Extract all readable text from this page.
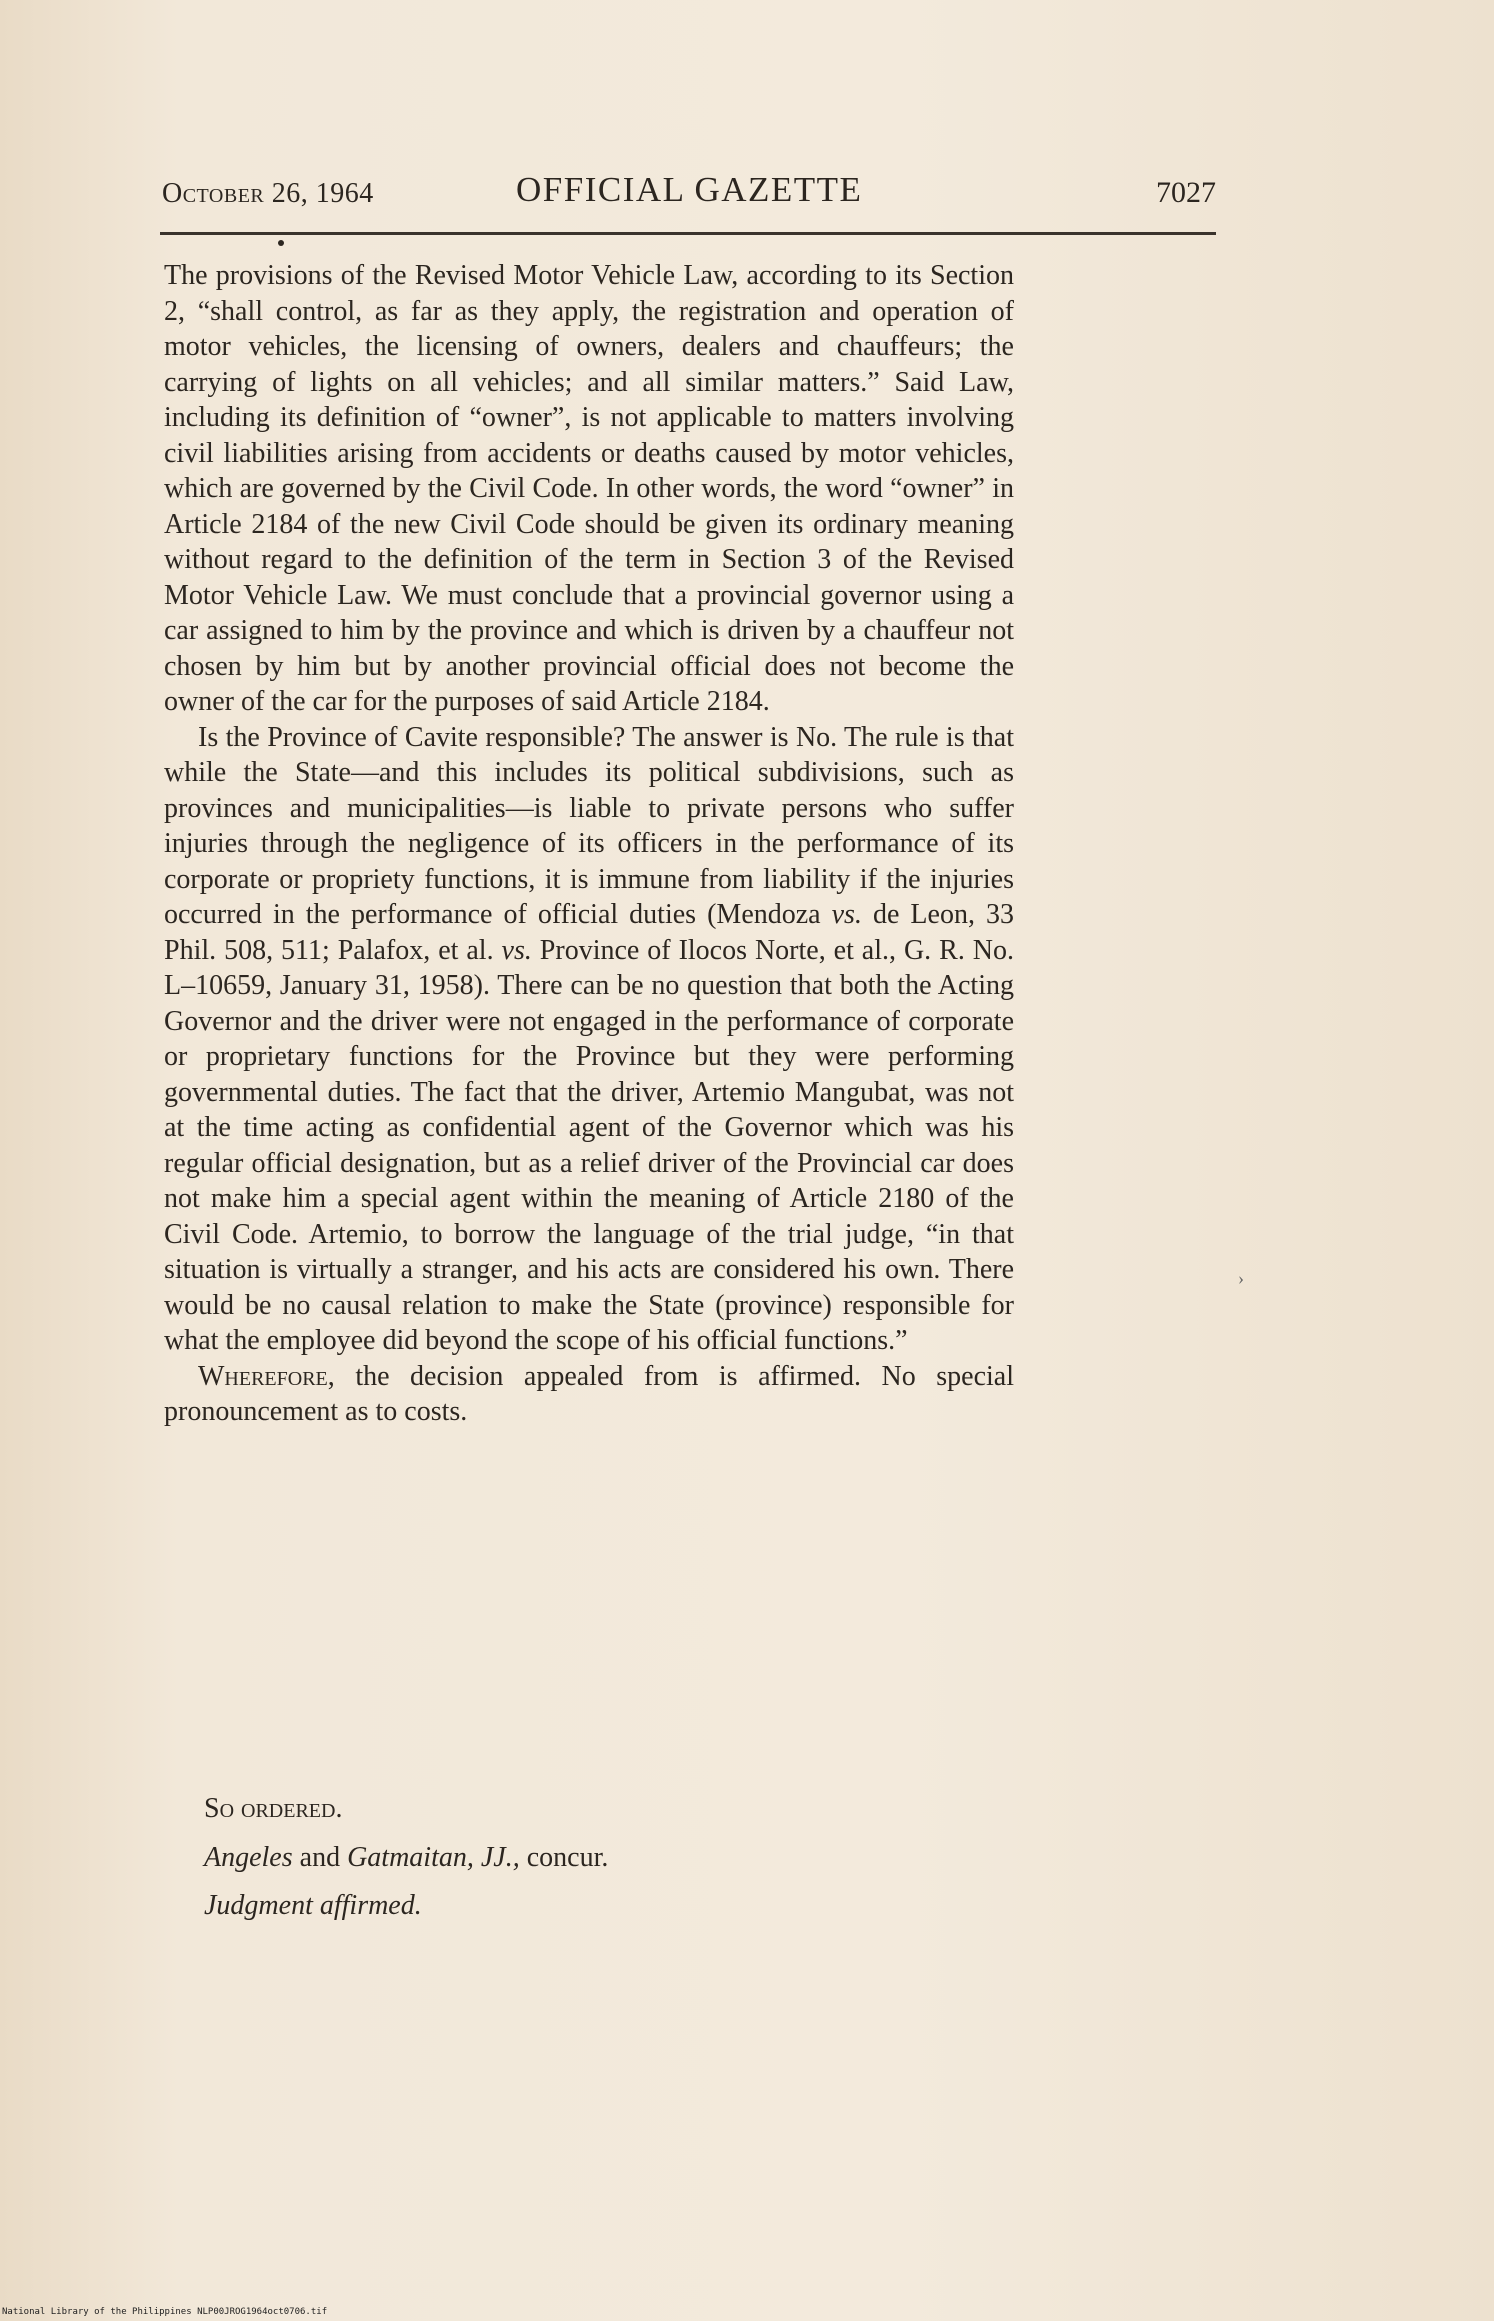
October 26, 1964	OFFICIAL GAZETTE	7027

The provisions of the Revised Motor Vehicle Law, according to its Section 2, “shall control, as far as they apply, the registration and operation of motor vehicles, the licensing of owners, dealers and chauffeurs; the carrying of lights on all vehicles; and all similar matters.” Said Law, including its definition of “owner”, is not applicable to matters involving civil liabilities arising from accidents or deaths caused by motor vehicles, which are governed by the Civil Code. In other words, the word “owner” in Article 2184 of the new Civil Code should be given its ordinary meaning without regard to the definition of the term in Section 3 of the Revised Motor Vehicle Law. We must conclude that a provincial governor using a car assigned to him by the province and which is driven by a chauffeur not chosen by him but by another provincial official does not become the owner of the car for the purposes of said Article 2184.

Is the Province of Cavite responsible? The answer is No. The rule is that while the State—and this includes its political subdivisions, such as provinces and municipalities—is liable to private persons who suffer injuries through the negligence of its officers in the performance of its corporate or propriety functions, it is immune from liability if the injuries occurred in the performance of official duties (Mendoza vs. de Leon, 33 Phil. 508, 511; Palafox, et al. vs. Province of Ilocos Norte, et al., G. R. No. L–10659, January 31, 1958). There can be no question that both the Acting Governor and the driver were not engaged in the performance of corporate or proprietary functions for the Province but they were performing governmental duties. The fact that the driver, Artemio Mangubat, was not at the time acting as confidential agent of the Governor which was his regular official designation, but as a relief driver of the Provincial car does not make him a special agent within the meaning of Article 2180 of the Civil Code. Artemio, to borrow the language of the trial judge, “in that situation is virtually a stranger, and his acts are considered his own. There would be no causal relation to make the State (province) responsible for what the employee did beyond the scope of his official functions.”

Wherefore, the decision appealed from is affirmed. No special pronouncement as to costs.

So ordered.
Angeles and Gatmaitan, JJ., concur.
Judgment affirmed.
›
National Library of the Philippines NLP00JROG1964oct0706.tif
